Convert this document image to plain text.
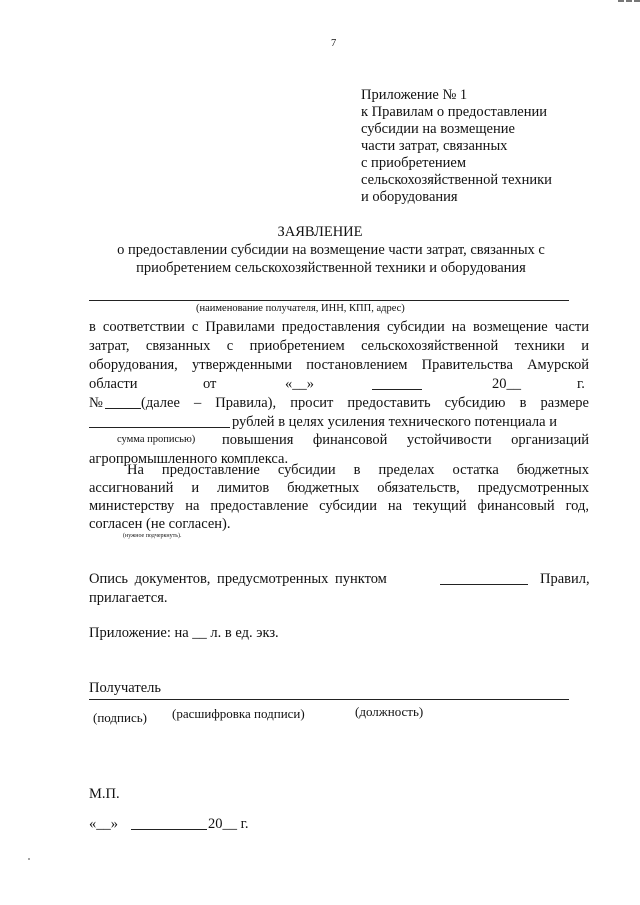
7
Приложение № 1
к Правилам о предоставлении
субсидии на возмещение
части затрат, связанных
с приобретением
сельскохозяйственной техники
и оборудования
ЗАЯВЛЕНИЕ
о предоставлении субсидии на возмещение части затрат, связанных с
приобретением сельскохозяйственной техники и оборудования
(наименование получателя, ИНН, КПП, адрес)
в соответствии с Правилами предоставления субсидии на возмещение части
затрат, связанных с приобретением сельскохозяйственной техники и
оборудования, утвержденными постановлением Правительства Амурской
области	от	«__»	20__	г.
№	(далее – Правила), просит предоставить субсидию в размере
рублей в целях усиления технического потенциала и
сумма прописью) повышения финансовой устойчивости организаций
агропромышленного комплекса.
На предоставление субсидии в пределах остатка бюджетных
ассигнований и лимитов бюджетных обязательств, предусмотренных
министерству на предоставление субсидии на текущий финансовый год,
согласен (не согласен).
(нужное подчеркнуть).
Опись документов, предусмотренных пунктом	Правил,
прилагается.
Приложение: на __ л. в ед. экз.
Получатель
(подпись) (расшифровка подписи)	(должность)
М.П.
«__»	20__ г.
